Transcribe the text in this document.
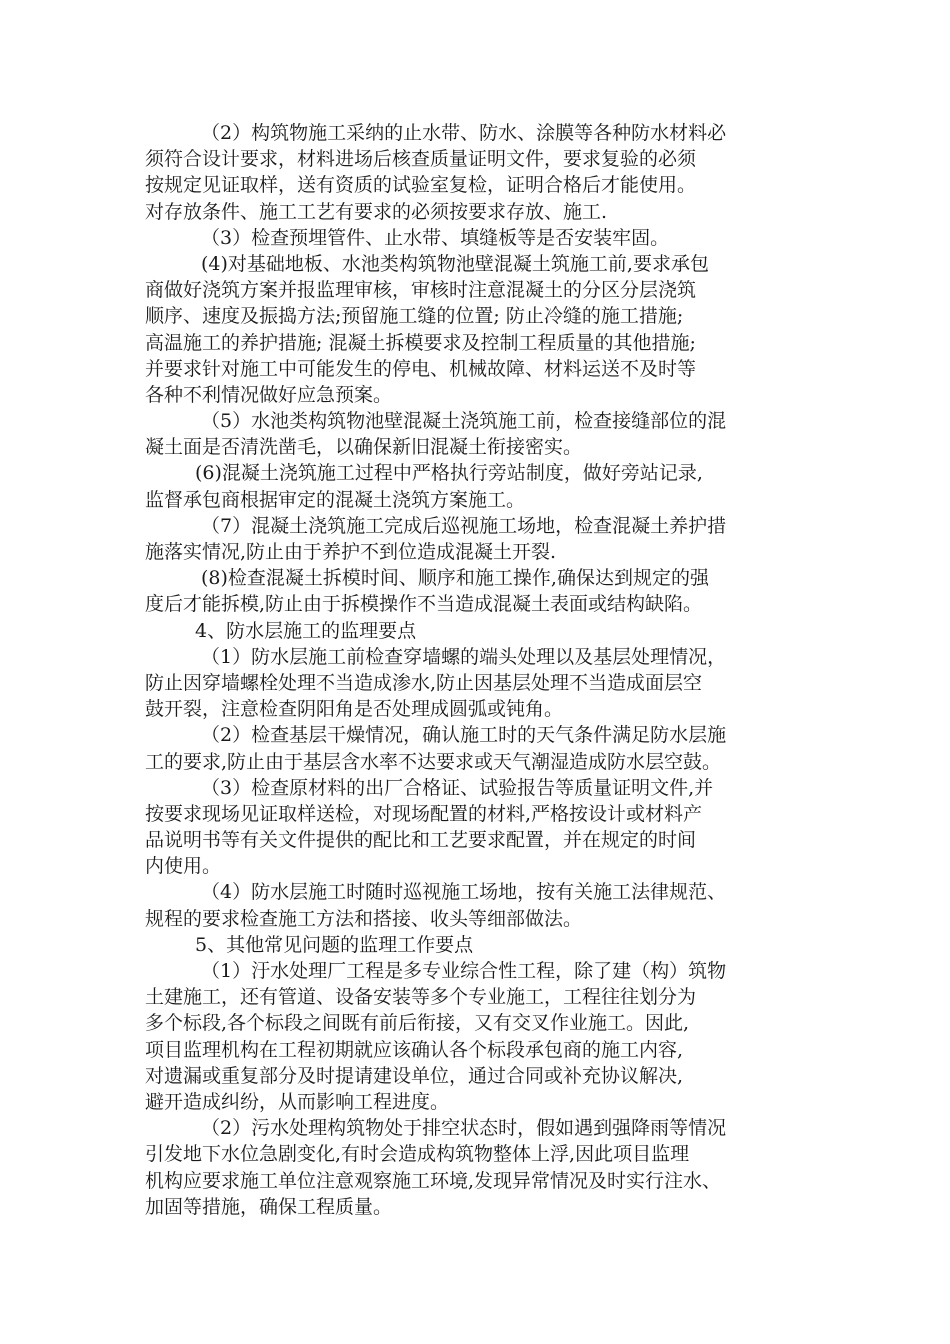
（2）构筑物施工采纳的止水带、防水、涂膜等各种防水材料必
须符合设计要求，材料进场后核查质量证明文件，要求复验的必须
按规定见证取样，送有资质的试验室复检，证明合格后才能使用。
对存放条件、施工工艺有要求的必须按要求存放、施工.
（3）检查预埋管件、止水带、填缝板等是否安装牢固。
(4)对基础地板、水池类构筑物池壁混凝土筑施工前,要求承包
商做好浇筑方案并报监理审核，审核时注意混凝土的分区分层浇筑
顺序、速度及振捣方法;预留施工缝的位置; 防止冷缝的施工措施;
高温施工的养护措施; 混凝土拆模要求及控制工程质量的其他措施;
并要求针对施工中可能发生的停电、机械故障、材料运送不及时等
各种不利情况做好应急预案。
（5）水池类构筑物池壁混凝土浇筑施工前，检查接缝部位的混
凝土面是否清洗凿毛，以确保新旧混凝土衔接密实。
(6)混凝土浇筑施工过程中严格执行旁站制度，做好旁站记录,
监督承包商根据审定的混凝土浇筑方案施工。
（7）混凝土浇筑施工完成后巡视施工场地，检查混凝土养护措
施落实情况,防止由于养护不到位造成混凝土开裂.
(8)检查混凝土拆模时间、顺序和施工操作,确保达到规定的强
度后才能拆模,防止由于拆模操作不当造成混凝土表面或结构缺陷。
4、防水层施工的监理要点
（1）防水层施工前检查穿墙螺的端头处理以及基层处理情况，
防止因穿墙螺栓处理不当造成渗水,防止因基层处理不当造成面层空
鼓开裂，注意检查阴阳角是否处理成圆弧或钝角。
（2）检查基层干燥情况，确认施工时的天气条件满足防水层施
工的要求,防止由于基层含水率不达要求或天气潮湿造成防水层空鼓。
（3）检查原材料的出厂合格证、试验报告等质量证明文件,并
按要求现场见证取样送检，对现场配置的材料,严格按设计或材料产
品说明书等有关文件提供的配比和工艺要求配置，并在规定的时间
内使用。
（4）防水层施工时随时巡视施工场地，按有关施工法律规范、
规程的要求检查施工方法和搭接、收头等细部做法。
5、其他常见问题的监理工作要点
（1）汙水处理厂工程是多专业综合性工程，除了建（构）筑物
土建施工，还有管道、设备安装等多个专业施工，工程往往划分为
多个标段,各个标段之间既有前后衔接，又有交叉作业施工。因此,
项目监理机构在工程初期就应该确认各个标段承包商的施工内容,
对遗漏或重复部分及时提请建设单位，通过合同或补充协议解决,
避开造成纠纷，从而影响工程进度。
（2）污水处理构筑物处于排空状态时，假如遇到强降雨等情况
引发地下水位急剧变化,有时会造成构筑物整体上浮,因此项目监理
机构应要求施工单位注意观察施工环境,发现异常情况及时实行注水、
加固等措施，确保工程质量。
